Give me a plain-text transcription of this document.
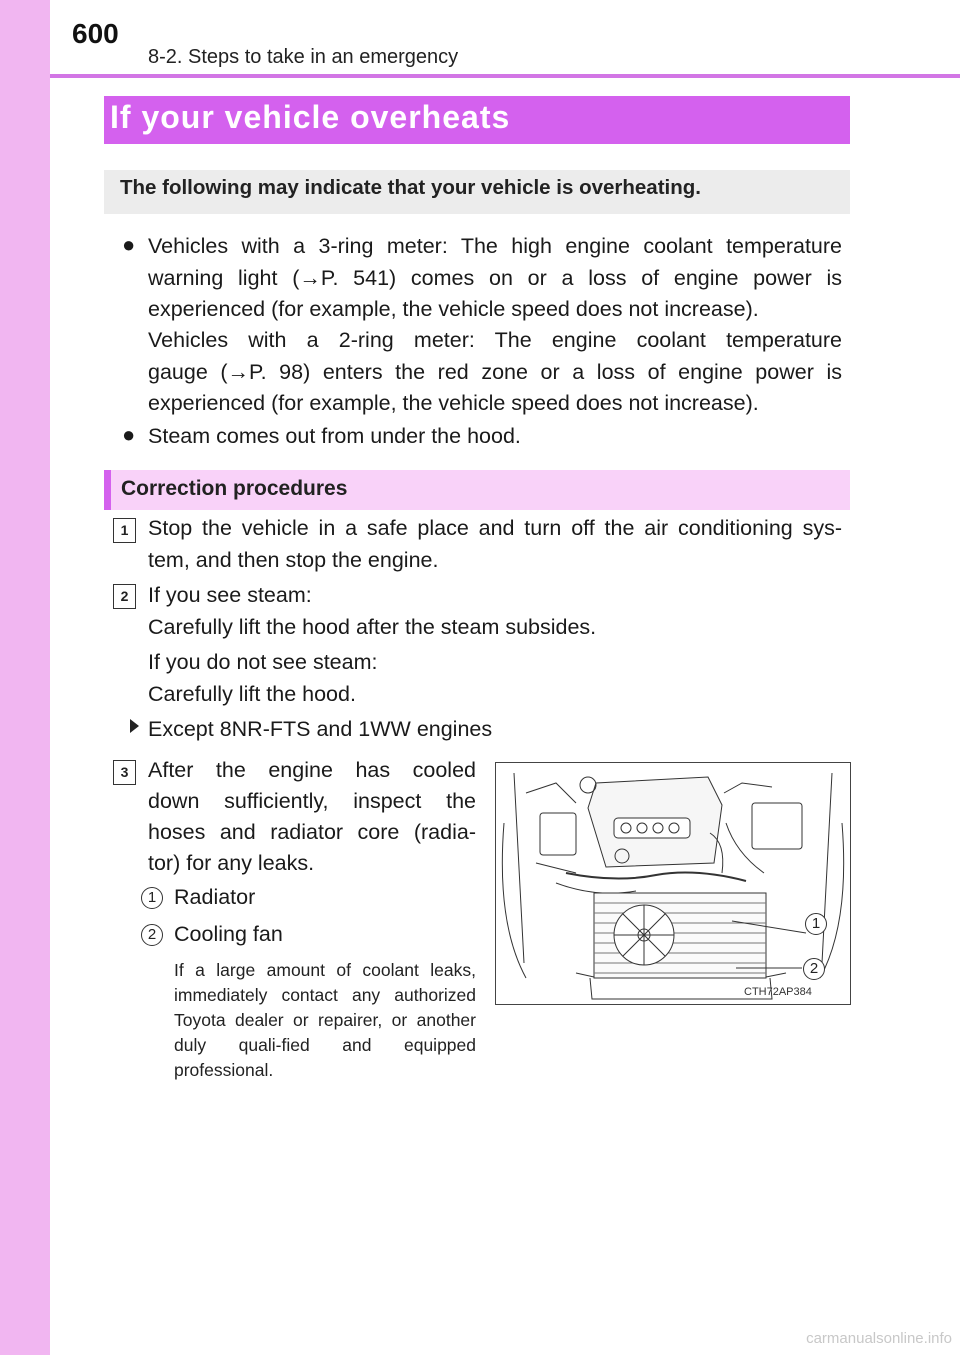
600
8-2. Steps to take in an emergency
If your vehicle overheats
The following may indicate that your vehicle is overheating.
● Vehicles with a 3-ring meter: The high engine coolant temperature
warning light (→P. 541) comes on or a loss of engine power is
experienced (for example, the vehicle speed does not increase).
Vehicles with a 2-ring meter: The engine coolant temperature
gauge (→P. 98) enters the red zone or a loss of engine power is
experienced (for example, the vehicle speed does not increase).
● Steam comes out from under the hood.
Correction procedures
1 Stop the vehicle in a safe place and turn off the air conditioning sys-
tem, and then stop the engine.
2 If you see steam:
Carefully lift the hood after the steam subsides.
If you do not see steam:
Carefully lift the hood.
Except 8NR-FTS and 1WW engines
3 After the engine has cooled
down sufficiently, inspect the
hoses and radiator core (radia-
tor) for any leaks.
1 Radiator
2 Cooling fan
If a large amount of coolant leaks, immediately contact any authorized Toyota dealer or repairer, or another duly quali-fied and equipped professional.
1
2
CTH72AP384
carmanualsonline.info
